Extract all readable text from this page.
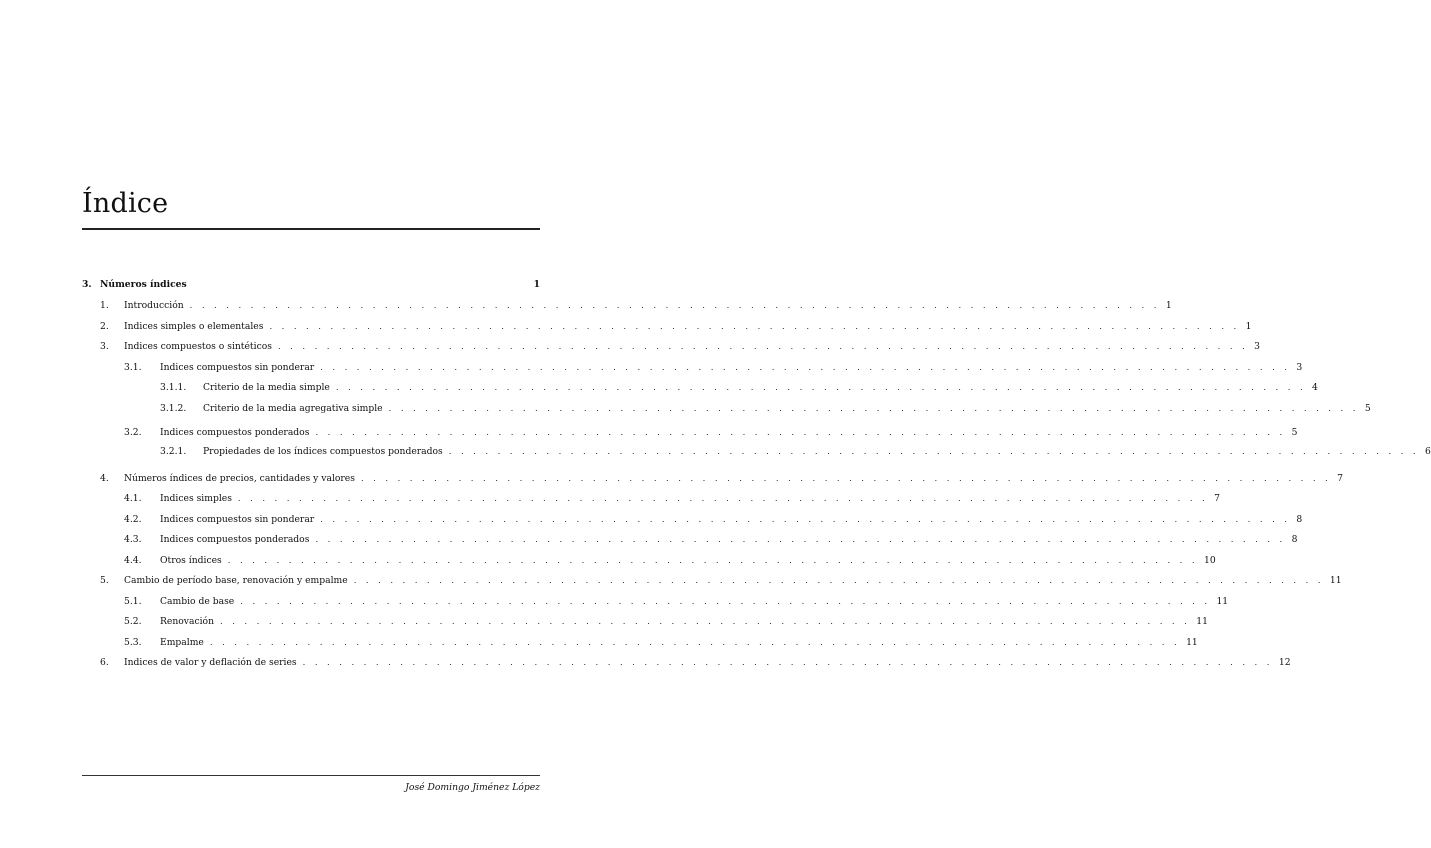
Índice
3. Números índices	1
1. Introducción . . . . . . . . . . . . . . . . . . . . . . . . . . . . . . . . . . . . . . . . . . . . . . . . . . . . . . . . . . . . . . . . . . . . . . . . . . . . . . . . 1
2. Indices simples o elementales . . . . . . . . . . . . . . . . . . . . . . . . . . . . . . . . . . . . . . . . . . . . . . . . . . . . . . . . . . . . . . . . . . . . . . . . . . . . . . . . 1
3. Indices compuestos o sintéticos . . . . . . . . . . . . . . . . . . . . . . . . . . . . . . . . . . . . . . . . . . . . . . . . . . . . . . . . . . . . . . . . . . . . . . . . . . . . . . . . 3
3.1. Indices compuestos sin ponderar . . . . . . . . . . . . . . . . . . . . . . . . . . . . . . . . . . . . . . . . . . . . . . . . . . . . . . . . . . . . . . . . . . . . . . . . . . . . . . . . 3
3.1.1. Criterio de la media simple . . . . . . . . . . . . . . . . . . . . . . . . . . . . . . . . . . . . . . . . . . . . . . . . . . . . . . . . . . . . . . . . . . . . . . . . . . . . . . . . 4
3.1.2. Criterio de la media agregativa simple . . . . . . . . . . . . . . . . . . . . . . . . . . . . . . . . . . . . . . . . . . . . . . . . . . . . . . . . . . . . . . . . . . . . . . . . . . . . . . . . 5
3.2. Indices compuestos ponderados . . . . . . . . . . . . . . . . . . . . . . . . . . . . . . . . . . . . . . . . . . . . . . . . . . . . . . . . . . . . . . . . . . . . . . . . . . . . . . . . 5
3.2.1. Propiedades de los índices compuestos ponderados . . . . . . . . . . . . . . . . . . . . . . . . . . . . . . . . . . . . . . . . . . . . . . . . . . . . . . . . . . . . . . . . . . . . . . . . . . . . . . . . 6
4. Números índices de precios, cantidades y valores . . . . . . . . . . . . . . . . . . . . . . . . . . . . . . . . . . . . . . . . . . . . . . . . . . . . . . . . . . . . . . . . . . . . . . . . . . . . . . . . 7
4.1. Indices simples . . . . . . . . . . . . . . . . . . . . . . . . . . . . . . . . . . . . . . . . . . . . . . . . . . . . . . . . . . . . . . . . . . . . . . . . . . . . . . . . 7
4.2. Indices compuestos sin ponderar . . . . . . . . . . . . . . . . . . . . . . . . . . . . . . . . . . . . . . . . . . . . . . . . . . . . . . . . . . . . . . . . . . . . . . . . . . . . . . . . 8
4.3. Indices compuestos ponderados . . . . . . . . . . . . . . . . . . . . . . . . . . . . . . . . . . . . . . . . . . . . . . . . . . . . . . . . . . . . . . . . . . . . . . . . . . . . . . . . 8
4.4. Otros índices . . . . . . . . . . . . . . . . . . . . . . . . . . . . . . . . . . . . . . . . . . . . . . . . . . . . . . . . . . . . . . . . . . . . . . . . . . . . . . . . 10
5. Cambio de período base, renovación y empalme . . . . . . . . . . . . . . . . . . . . . . . . . . . . . . . . . . . . . . . . . . . . . . . . . . . . . . . . . . . . . . . . . . . . . . . . . . . . . . . . 11
5.1. Cambio de base . . . . . . . . . . . . . . . . . . . . . . . . . . . . . . . . . . . . . . . . . . . . . . . . . . . . . . . . . . . . . . . . . . . . . . . . . . . . . . . . 11
5.2. Renovación . . . . . . . . . . . . . . . . . . . . . . . . . . . . . . . . . . . . . . . . . . . . . . . . . . . . . . . . . . . . . . . . . . . . . . . . . . . . . . . . 11
5.3. Empalme . . . . . . . . . . . . . . . . . . . . . . . . . . . . . . . . . . . . . . . . . . . . . . . . . . . . . . . . . . . . . . . . . . . . . . . . . . . . . . . . 11
6. Indices de valor y deflación de series . . . . . . . . . . . . . . . . . . . . . . . . . . . . . . . . . . . . . . . . . . . . . . . . . . . . . . . . . . . . . . . . . . . . . . . . . . . . . . . . 12
José Domingo Jiménez López
